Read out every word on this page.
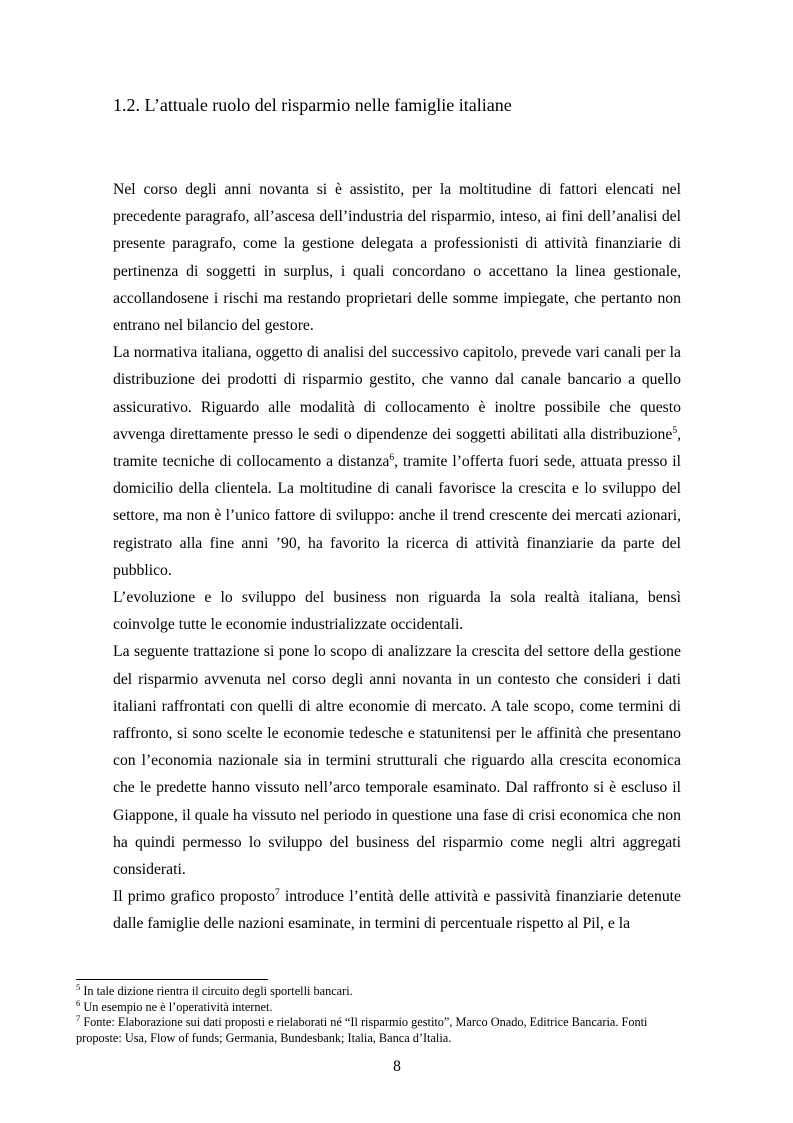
1.2. L’attuale ruolo del risparmio nelle famiglie italiane

Nel corso degli anni novanta si è assistito, per la moltitudine di fattori elencati nel precedente paragrafo, all’ascesa dell’industria del risparmio, inteso, ai fini dell’analisi del presente paragrafo, come la gestione delegata a professionisti di attività finanziarie di pertinenza di soggetti in surplus, i quali concordano o accettano la linea gestionale, accollandosene i rischi ma restando proprietari delle somme impiegate, che pertanto non entrano nel bilancio del gestore.

La normativa italiana, oggetto di analisi del successivo capitolo, prevede vari canali per la distribuzione dei prodotti di risparmio gestito, che vanno dal canale bancario a quello assicurativo. Riguardo alle modalità di collocamento è inoltre possibile che questo avvenga direttamente presso le sedi o dipendenze dei soggetti abilitati alla distribuzione$^5$, tramite tecniche di collocamento a distanza$^6$, tramite l’offerta fuori sede, attuata presso il domicilio della clientela. La moltitudine di canali favorisce la crescita e lo sviluppo del settore, ma non è l’unico fattore di sviluppo: anche il trend crescente dei mercati azionari, registrato alla fine anni ’90, ha favorito la ricerca di attività finanziarie da parte del pubblico.

L’evoluzione e lo sviluppo del business non riguarda la sola realtà italiana, bensì coinvolge tutte le economie industrializzate occidentali.

La seguente trattazione si pone lo scopo di analizzare la crescita del settore della gestione del risparmio avvenuta nel corso degli anni novanta in un contesto che consideri i dati italiani raffrontati con quelli di altre economie di mercato. A tale scopo, come termini di raffronto, si sono scelte le economie tedesche e statunitensi per le affinità che presentano con l’economia nazionale sia in termini strutturali che riguardo alla crescita economica che le predette hanno vissuto nell’arco temporale esaminato. Dal raffronto si è escluso il Giappone, il quale ha vissuto nel periodo in questione una fase di crisi economica che non ha quindi permesso lo sviluppo del business del risparmio come negli altri aggregati considerati.

Il primo grafico proposto$^7$ introduce l’entità delle attività e passività finanziarie detenute dalle famiglie delle nazioni esaminate, in termini di percentuale rispetto al Pil, e la

$^5$ In tale dizione rientra il circuito degli sportelli bancari.

$^6$ Un esempio ne è l’operatività internet.

$^7$ Fonte: Elaborazione sui dati proposti e rielaborati né “Il risparmio gestito”, Marco Onado, Editrice Bancaria. Fonti proposte: Usa, Flow of funds; Germania, Bundesbank; Italia, Banca d’Italia.

8
